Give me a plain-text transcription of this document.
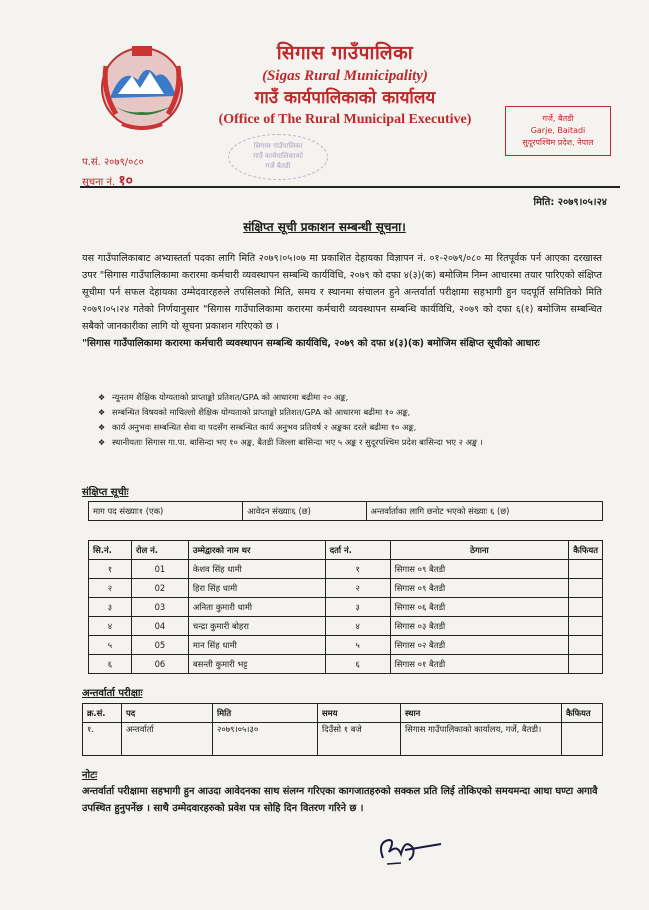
सिगास गाउँपालिका
(Sigas Rural Municipality)
गाउँ कार्यपालिकाको कार्यालय
(Office of The Rural Municipal Executive)	गर्जे, बैतडी
Garje, Baitadi
सुदूरपश्चिम प्रदेश, नेपाल
सिगास गाउँपालिका
गाउँ कार्यपालिकाको
गर्जे बैतडी
प.सं. २०७९/०८०
सूचना नं. १०
मिति: २०७९।०५।२४
संक्षिप्त सूची प्रकाशन सम्बन्धी सूचना।

यस गाउँपालिकाबाट अभ्यास्तर्ता पदका लागि मिति २०७९।०५।०७ मा प्रकाशित देहायका विज्ञापन नं. ०१-२०७९/०८० मा रितपूर्वक पर्न आएका दरखास्त उपर "सिगास गाउँपालिकामा करारमा कर्मचारी व्यवस्थापन सम्बन्धि कार्यविधि, २०७९ को दफा ४(३)(क) बमोजिम निम्न आधारमा तयार पारिएको संक्षिप्त सूचीमा पर्न सफल देहायका उम्मेदवारहरुले तपसिलको मिति, समय र स्थानमा संचालन हुने अन्तर्वार्ता परीक्षामा सहभागी हुन पदपूर्ति समितिको मिति २०७९।०५।२४ गतेको निर्णयानुसार "सिगास गाउँपालिकामा करारमा कर्मचारी व्यवस्थापन सम्बन्धि कार्यविधि, २०७९ को दफा ६(१) बमोजिम सम्बन्धित सबैको जानकारीका लागि यो सूचना प्रकाशन गरिएको छ ।

"सिगास गाउँपालिकामा करारमा कर्मचारी व्यवस्थापन सम्बन्धि कार्यविधि, २०७९ को दफा ४(३)(क) बमोजिम संक्षिप्त सूचीको आधारः

❖ न्यूनतम शैक्षिक योग्यताको प्राप्ताङ्को प्रतिशत/GPA को आधारमा बढीमा २० अङ्क,
❖ सम्बन्धित विषयको माथिल्लो शैक्षिक योग्यताको प्राप्ताङ्को प्रतिशत/GPA को आधारमा बढीमा १० अङ्क,
❖ कार्य अनुभवः सम्बन्धित सेवा वा पदसँग सम्बन्धित कार्य अनुभव प्रतिवर्ष २ अङ्कका दरले बढीमा १० अङ्क,
❖ स्थानीयताः सिगास गा.पा. बासिन्दा भए १० अङ्क, बैतडी जिल्ला बासिन्दा भए ५ अङ्क र सुदूरपश्चिम प्रदेश बासिन्दा भए २ अङ्क ।
संक्षिप्त सूचीः
माग पद संख्याः१ (एक)	आवेदन संख्याः६ (छ)	अन्तर्वार्ताका लागि छनोट भएको संख्याः ६ (छ)
सि.नं.	रोल नं.	उम्मेद्वारको नाम थर	दर्ता नं.	ठेगाना	कैफियत
१	01	केशव सिंह धामी	१	सिगास ०९ बैतडी	
२	02	हिरा सिंह धामी	२	सिगास ०९ बैतडी	
३	03	अनिता कुमारी धामी	३	सिगास ०६ बैतडी	
४	04	चन्द्रा कुमारी बोहरा	४	सिगास ०३ बैतडी	
५	05	मान सिंह धामी	५	सिगास ०२ बैतडी	
६	06	बसन्ती कुमारी भट्ट	६	सिगास ०१ बैतडी	
अन्तर्वार्ता परीक्षाः
क्र.सं.	पद	मिति	समय	स्थान	कैफियत
१.	अन्तर्वार्ता	२०७९।०५।३०	दिउँसो १ बजे	सिगास गाउँपालिकाको कार्यालय, गर्जे, बैतडी।	
नोटः
अन्तर्वार्ता परीक्षामा सहभागी हुन आउदा आवेदनका साथ संलग्न गरिएका कागजातहरुको सक्कल प्रति लिई तोकिएको समयमन्दा आधा घण्टा अगावै उपस्थित हुनुपर्नेछ । साथै उम्मेदवारहरुको प्रवेश पत्र सोहि दिन वितरण गरिने छ ।
